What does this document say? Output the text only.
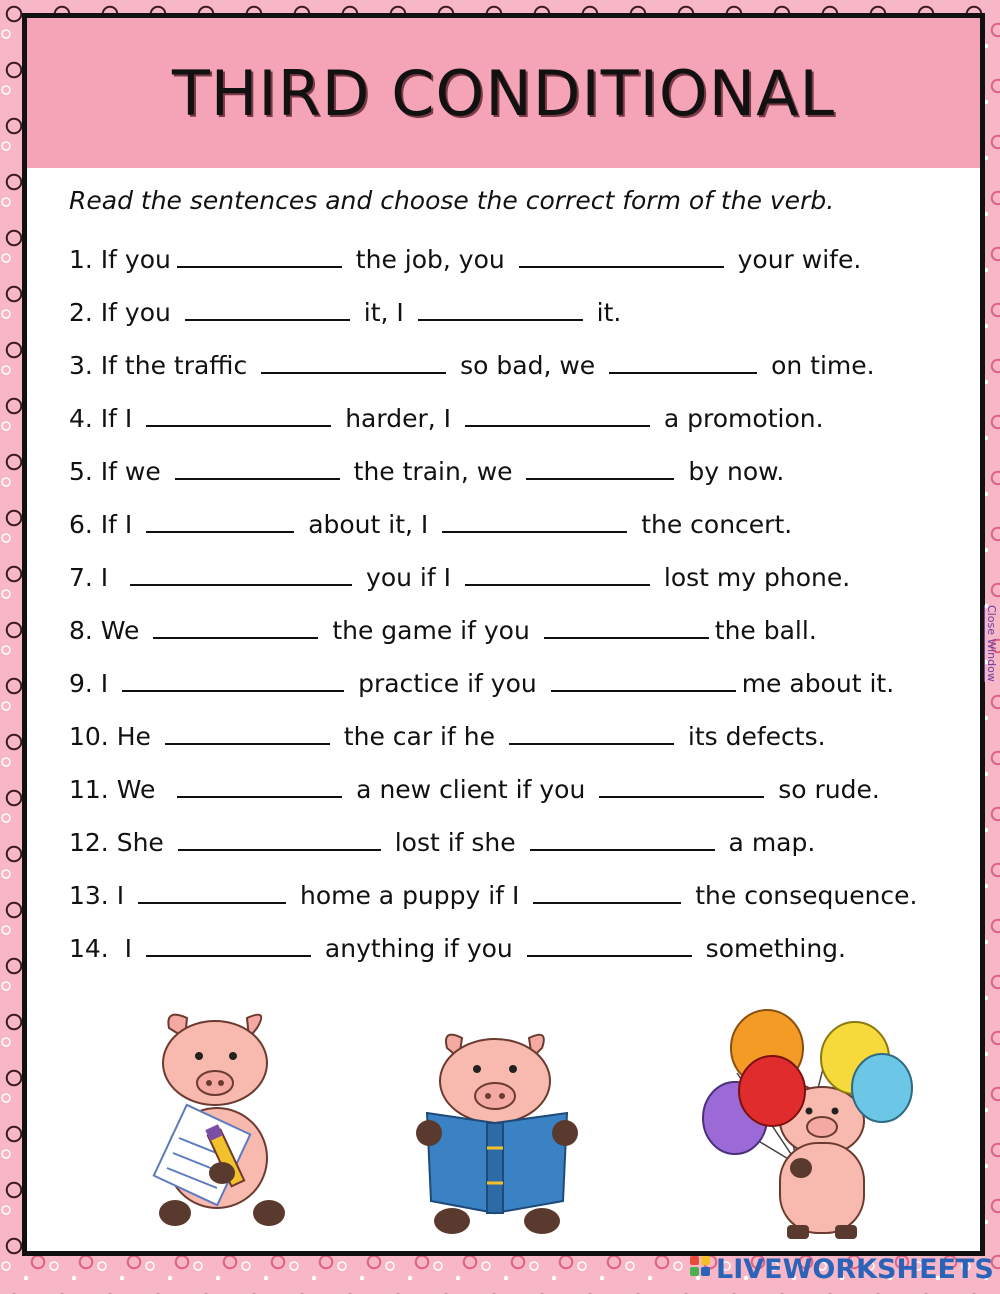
THIRD CONDITIONAL
Read the sentences and choose the correct form of the verb.
1. If you	the job, you	your wife.
2. If you	it, I	it.
3. If the traffic	so bad, we	on time.
4. If I	harder, I	a promotion.
5. If we	the train, we	by now.
6. If I	about it, I	the concert.
7. I	you if I	lost my phone.
8. We	the game if you	the ball.
9. I	practice if you	me about it.
10. He	the car if he	its defects.
11. We	a new client if you	so rude.
12. She	lost if she	a map.
13. I	home a puppy if I	the consequence.
14.  I	anything if you	something.
Close Window
LIVEWORKSHEETS
